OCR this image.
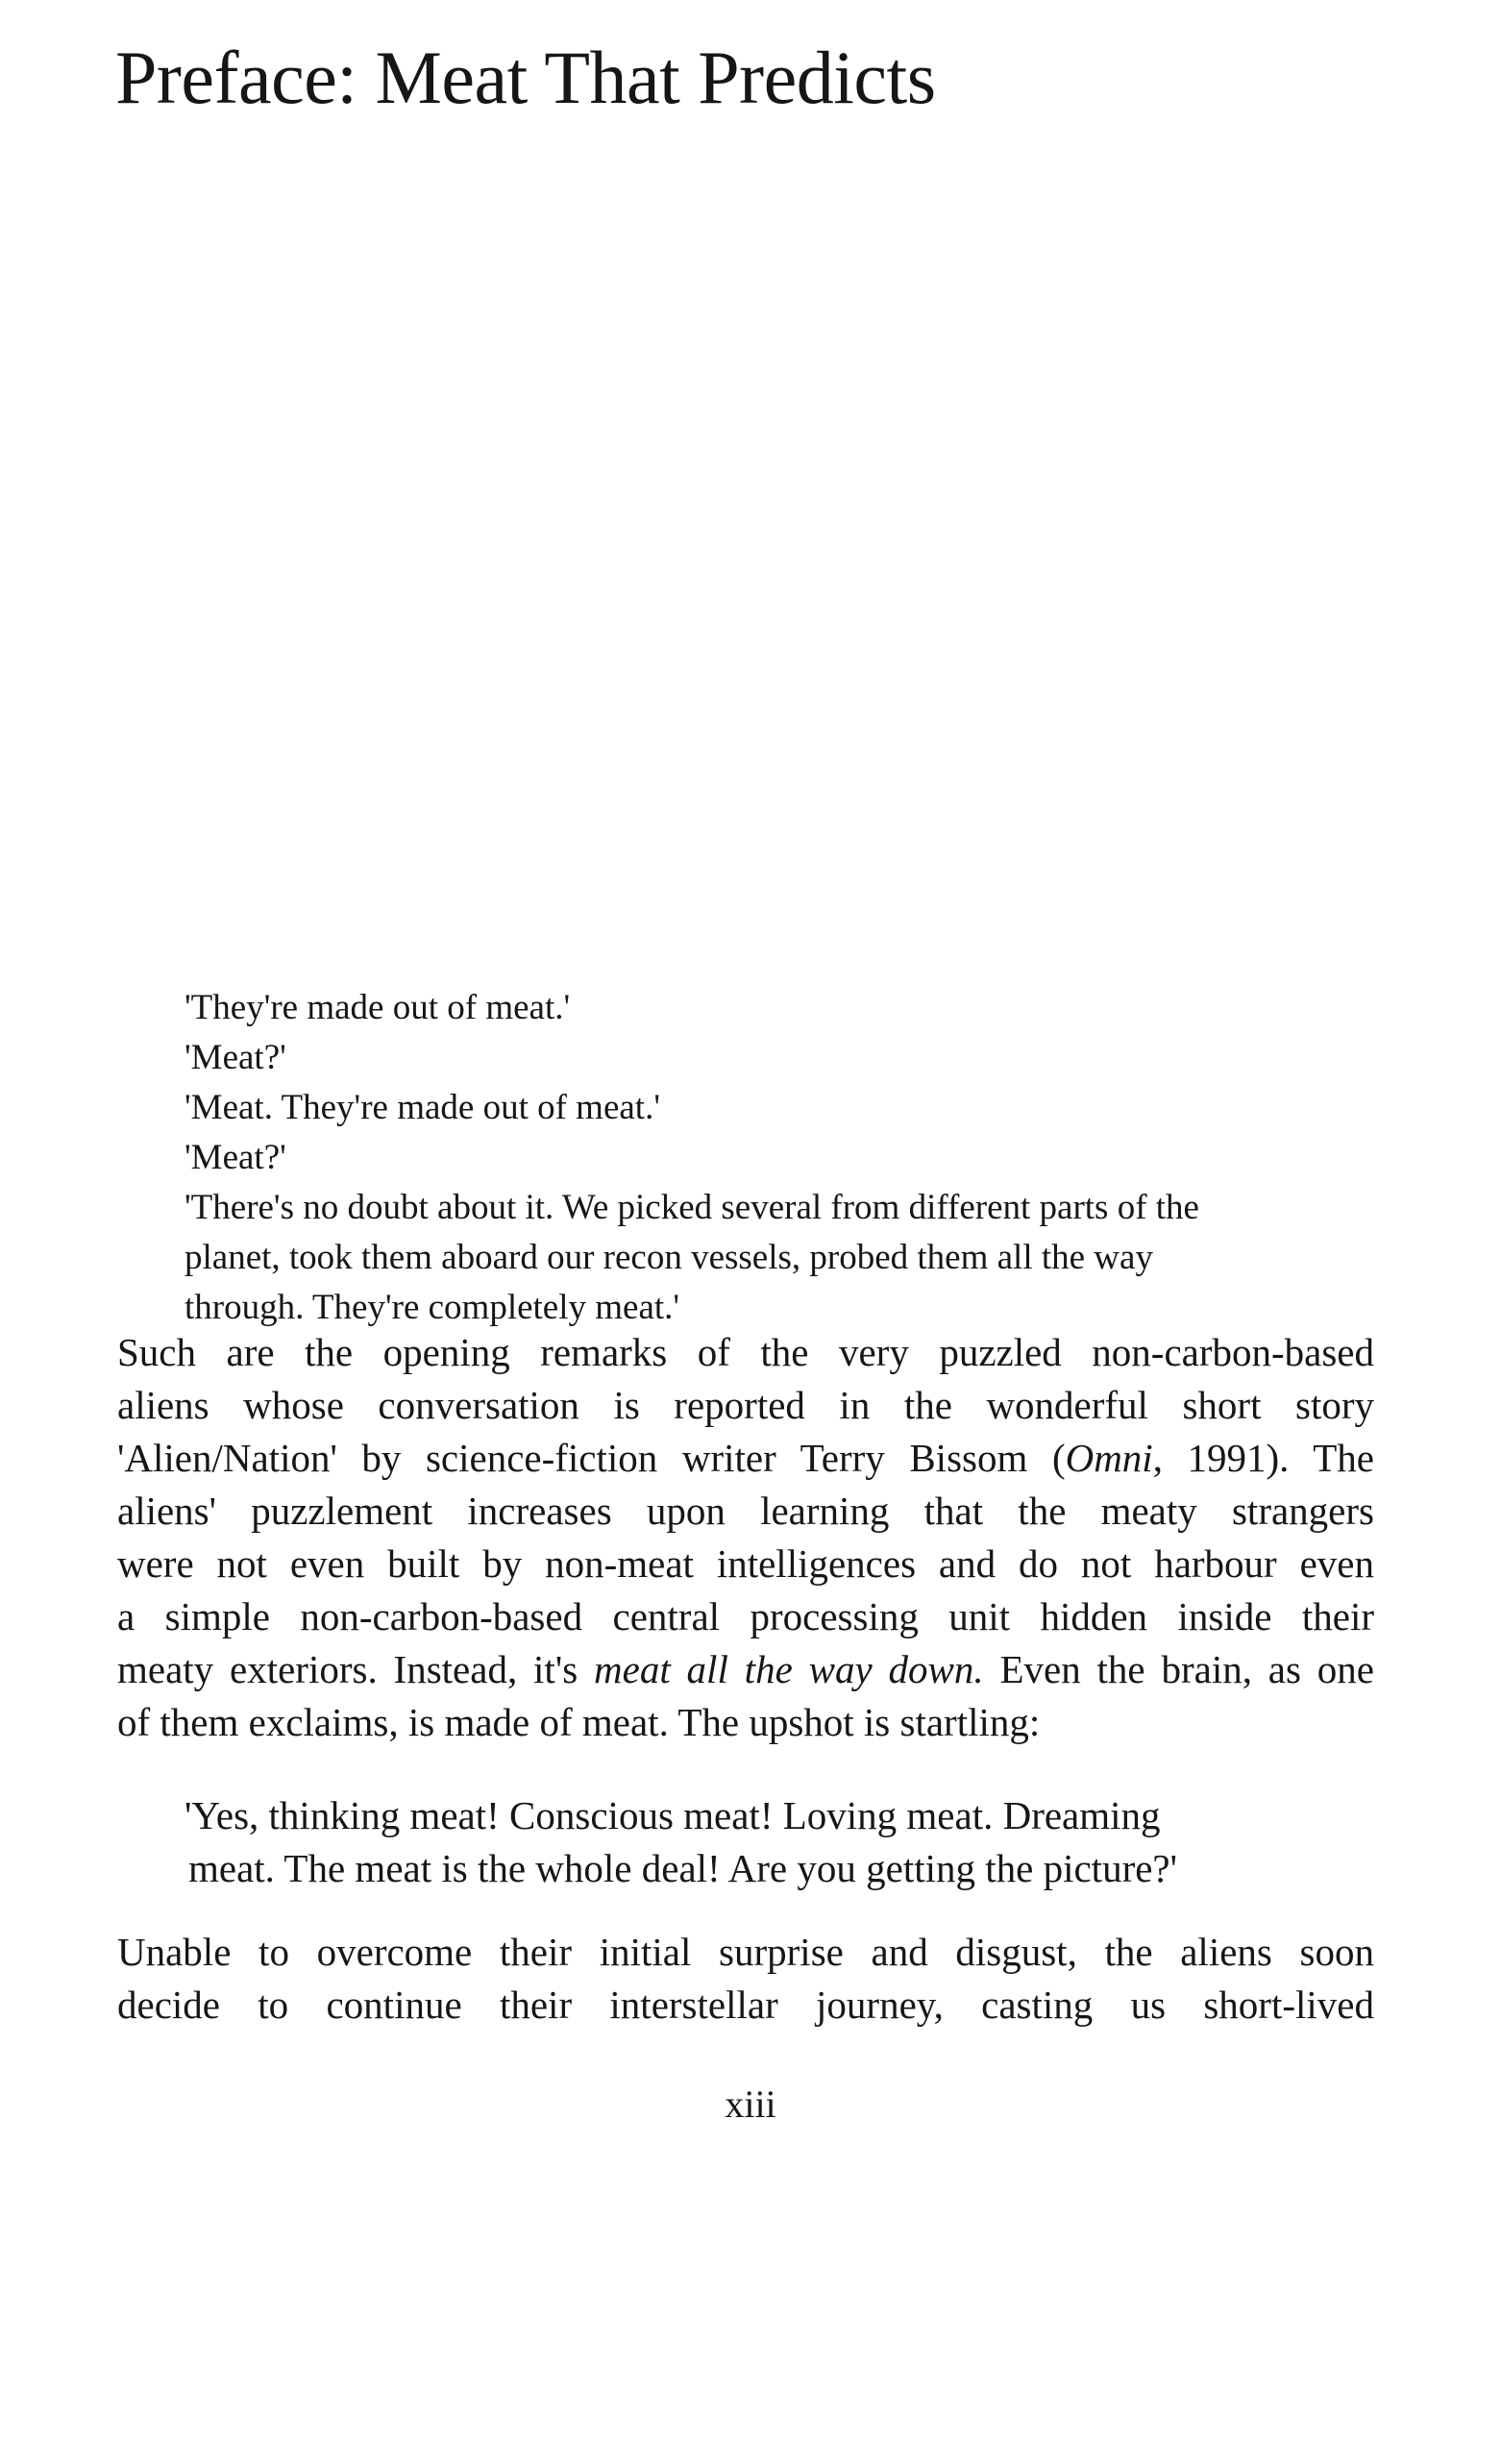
Preface: Meat That Predicts
'They're made out of meat.'
'Meat?'
'Meat. They're made out of meat.'
'Meat?'
'There's no doubt about it. We picked several from different parts of the
planet, took them aboard our recon vessels, probed them all the way
through. They're completely meat.'

Such are the opening remarks of the very puzzled non-carbon-based
aliens whose conversation is reported in the wonderful short story
'Alien/Nation' by science-fiction writer Terry Bissom (Omni, 1991). The
aliens' puzzlement increases upon learning that the meaty strangers
were not even built by non-meat intelligences and do not harbour even
a simple non-carbon-based central processing unit hidden inside their
meaty exteriors. Instead, it's meat all the way down. Even the brain, as one
of them exclaims, is made of meat. The upshot is startling:

'Yes, thinking meat! Conscious meat! Loving meat. Dreaming
meat. The meat is the whole deal! Are you getting the picture?'

Unable to overcome their initial surprise and disgust, the aliens soon
decide to continue their interstellar journey, casting us short-lived

xiii
